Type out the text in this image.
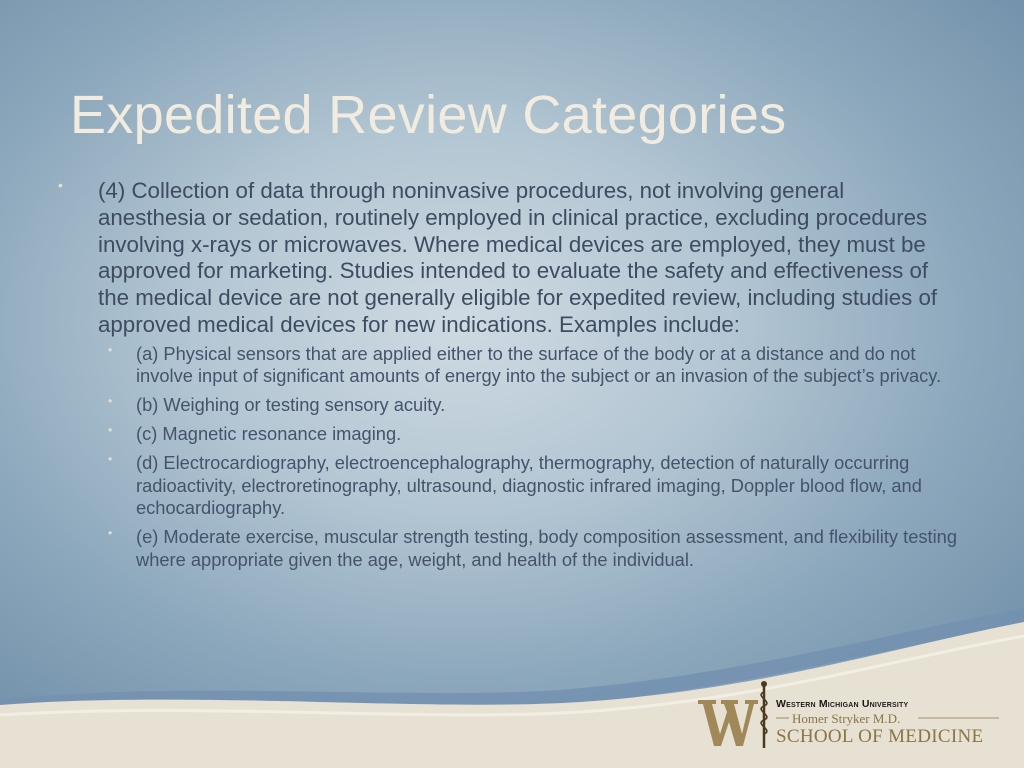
Expedited Review Categories
•	(4) Collection of data through noninvasive procedures, not involving general anesthesia or sedation, routinely employed in clinical practice, excluding procedures involving x-rays or microwaves. Where medical devices are employed, they must be approved for marketing. Studies intended to evaluate the safety and effectiveness of the medical device are not generally eligible for expedited review, including studies of approved medical devices for new indications. Examples include:
•	(a) Physical sensors that are applied either to the surface of the body or at a distance and do not involve input of significant amounts of energy into the subject or an invasion of the subject’s privacy.
•	(b) Weighing or testing sensory acuity.
•	(c) Magnetic resonance imaging.
•	(d) Electrocardiography, electroencephalography, thermography, detection of naturally occurring radioactivity, electroretinography, ultrasound, diagnostic infrared imaging, Doppler blood flow, and echocardiography.
•	(e) Moderate exercise, muscular strength testing, body composition assessment, and flexibility testing where appropriate given the age, weight, and health of the individual.
Western Michigan University
Homer Stryker M.D.
SCHOOL OF MEDICINE
